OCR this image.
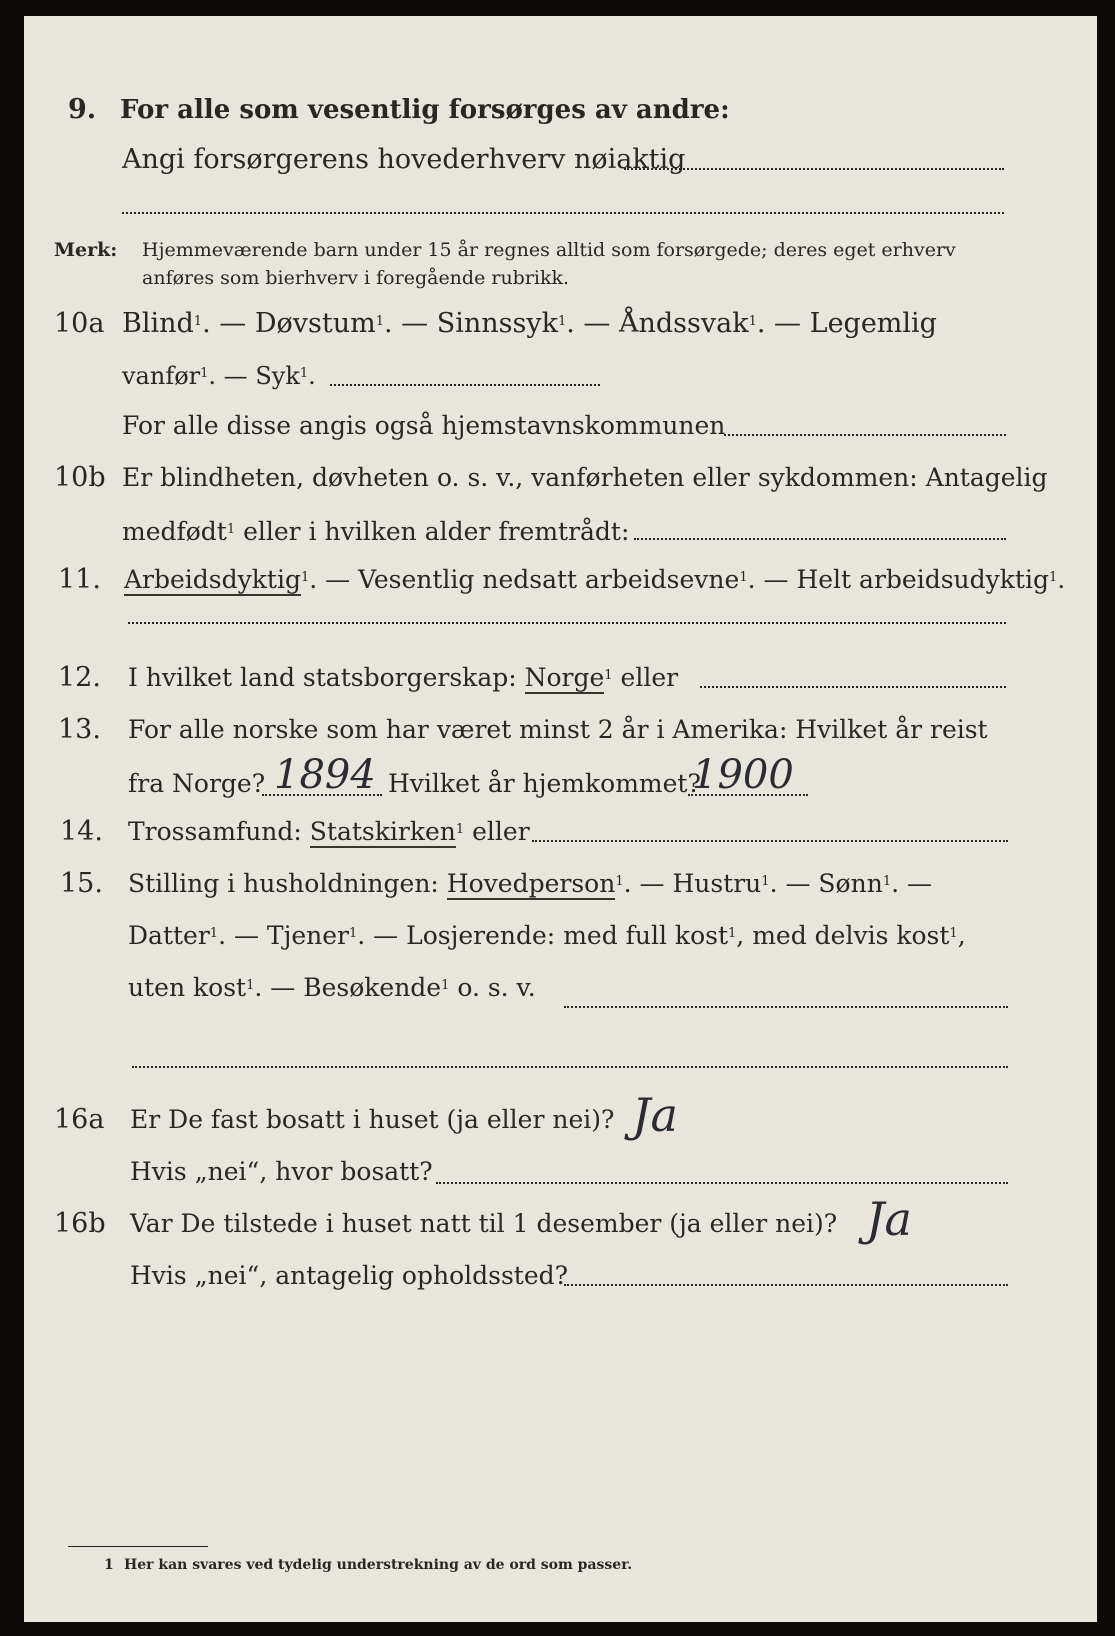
9. For alle som vesentlig forsørges av andre:
Angi forsørgerens hovederhverv nøiaktig
Merk: Hjemmeværende barn under 15 år regnes alltid som forsørgede; deres eget erhverv
anføres som bierhverv i foregående rubrikk.
10a Blind$^1$. — Døvstum$^1$. — Sinnssyk$^1$. — Åndssvak$^1$. — Legemlig
vanfør$^1$. — Syk$^1$.
For alle disse angis også hjemstavnskommunen
10b Er blindheten, døvheten o. s. v., vanførheten eller sykdommen: Antagelig
medfødt$^1$ eller i hvilken alder fremtrådt:
11. Arbeidsdyktig$^1$. — Vesentlig nedsatt arbeidsevne$^1$. — Helt arbeidsudyktig$^1$.
12. I hvilket land statsborgerskap: Norge$^1$ eller
13. For alle norske som har været minst 2 år i Amerika: Hvilket år reist
fra Norge? 1894 Hvilket år hjemkommet?
1900
14. Trossamfund: Statskirken$^1$ eller
15. Stilling i husholdningen: Hovedperson$^1$. — Hustru$^1$. — Sønn$^1$. —
Datter$^1$. — Tjener$^1$. — Losjerende: med full kost$^1$, med delvis kost$^1$,
uten kost$^1$. — Besøkende$^1$ o. s. v.
16a Er De fast bosatt i huset (ja eller nei)? Ja
Hvis „nei“, hvor bosatt?
16b Var De tilstede i huset natt til 1 desember (ja eller nei)? Ja
Hvis „nei“, antagelig opholdssted?
1 Her kan svares ved tydelig understrekning av de ord som passer.
